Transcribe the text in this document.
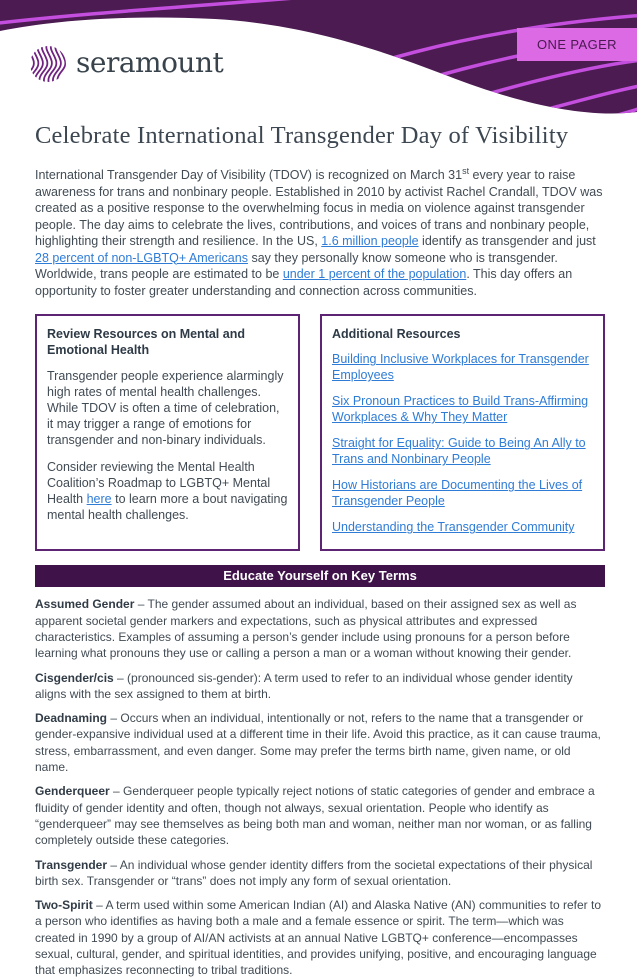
ONE PAGER
seramount
Celebrate International Transgender Day of Visibility

International Transgender Day of Visibility (TDOV) is recognized on March 31st every year to raise awareness for trans and nonbinary people. Established in 2010 by activist Rachel Crandall, TDOV was created as a positive response to the overwhelming focus in media on violence against transgender people. The day aims to celebrate the lives, contributions, and voices of trans and nonbinary people, highlighting their strength and resilience. In the US, 1.6 million people identify as transgender and just 28 percent of non-LGBTQ+ Americans say they personally know someone who is transgender. Worldwide, trans people are estimated to be under 1 percent of the population. This day offers an opportunity to foster greater understanding and connection across communities.

Review Resources on Mental and Emotional Health

Transgender people experience alarmingly high rates of mental health challenges. While TDOV is often a time of celebration, it may trigger a range of emotions for transgender and non-binary individuals.

Consider reviewing the Mental Health Coalition’s Roadmap to LGBTQ+ Mental Health here to learn more a bout navigating mental health challenges.

Additional Resources
Building Inclusive Workplaces for Transgender Employees
Six Pronoun Practices to Build Trans-Affirming Workplaces & Why They Matter
Straight for Equality: Guide to Being An Ally to Trans and Nonbinary People
How Historians are Documenting the Lives of Transgender People
Understanding the Transgender Community
Educate Yourself on Key Terms

Assumed Gender – The gender assumed about an individual, based on their assigned sex as well as apparent societal gender markers and expectations, such as physical attributes and expressed characteristics. Examples of assuming a person’s gender include using pronouns for a person before learning what pronouns they use or calling a person a man or a woman without knowing their gender.

Cisgender/cis – (pronounced sis-gender): A term used to refer to an individual whose gender identity aligns with the sex assigned to them at birth.

Deadnaming – Occurs when an individual, intentionally or not, refers to the name that a transgender or gender-expansive individual used at a different time in their life. Avoid this practice, as it can cause trauma, stress, embarrassment, and even danger. Some may prefer the terms birth name, given name, or old name.

Genderqueer – Genderqueer people typically reject notions of static categories of gender and embrace a fluidity of gender identity and often, though not always, sexual orientation. People who identify as “genderqueer” may see themselves as being both man and woman, neither man nor woman, or as falling completely outside these categories.

Transgender – An individual whose gender identity differs from the societal expectations of their physical birth sex. Transgender or “trans” does not imply any form of sexual orientation.

Two-Spirit – A term used within some American Indian (AI) and Alaska Native (AN) communities to refer to a person who identifies as having both a male and a female essence or spirit. The term—which was created in 1990 by a group of AI/AN activists at an annual Native LGBTQ+ conference—encompasses sexual, cultural, gender, and spiritual identities, and provides unifying, positive, and encouraging language that emphasizes reconnecting to tribal traditions.
